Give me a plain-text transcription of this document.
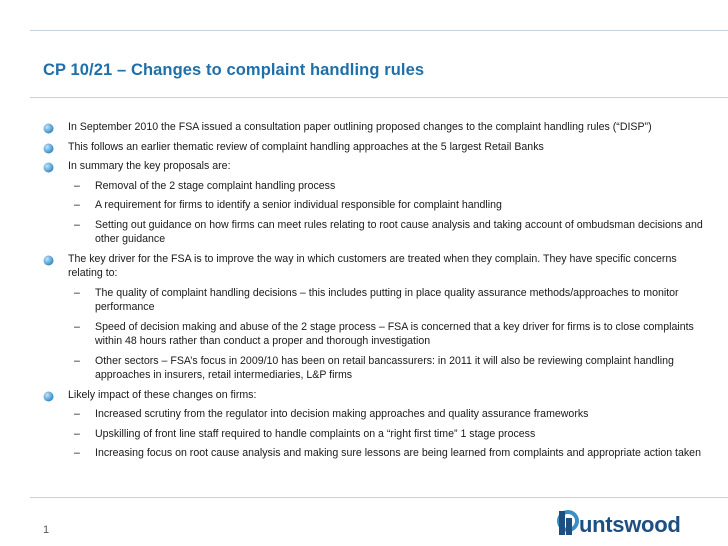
CP 10/21 – Changes to complaint handling rules
In September 2010 the FSA issued a consultation paper outlining proposed changes to the complaint handling rules (“DISP”)
This follows an earlier thematic review of complaint handling approaches at the 5 largest Retail Banks
In summary the key proposals are:
– Removal of the 2 stage complaint handling process
– A requirement for firms to identify a senior individual responsible for complaint handling
– Setting out guidance on how firms can meet rules relating to root cause analysis and taking account of ombudsman decisions and other guidance
The key driver for the FSA is to improve the way in which customers are treated when they complain. They have specific concerns relating to:
– The quality of complaint handling decisions – this includes putting in place quality assurance methods/approaches to monitor performance
– Speed of decision making and abuse of the 2 stage process – FSA is concerned that a key driver for firms is to close complaints within 48 hours rather than conduct a proper and thorough investigation
– Other sectors – FSA’s focus in 2009/10 has been on retail bancassurers: in 2011 it will also be reviewing complaint handling approaches in insurers, retail intermediaries, L&P firms
Likely impact of these changes on firms:
– Increased scrutiny from the regulator into decision making approaches and quality assurance frameworks
– Upskilling of front line staff required to handle complaints on a “right first time” 1 stage process
– Increasing focus on root cause analysis and making sure lessons are being learned from complaints and appropriate action taken
1	untswood
